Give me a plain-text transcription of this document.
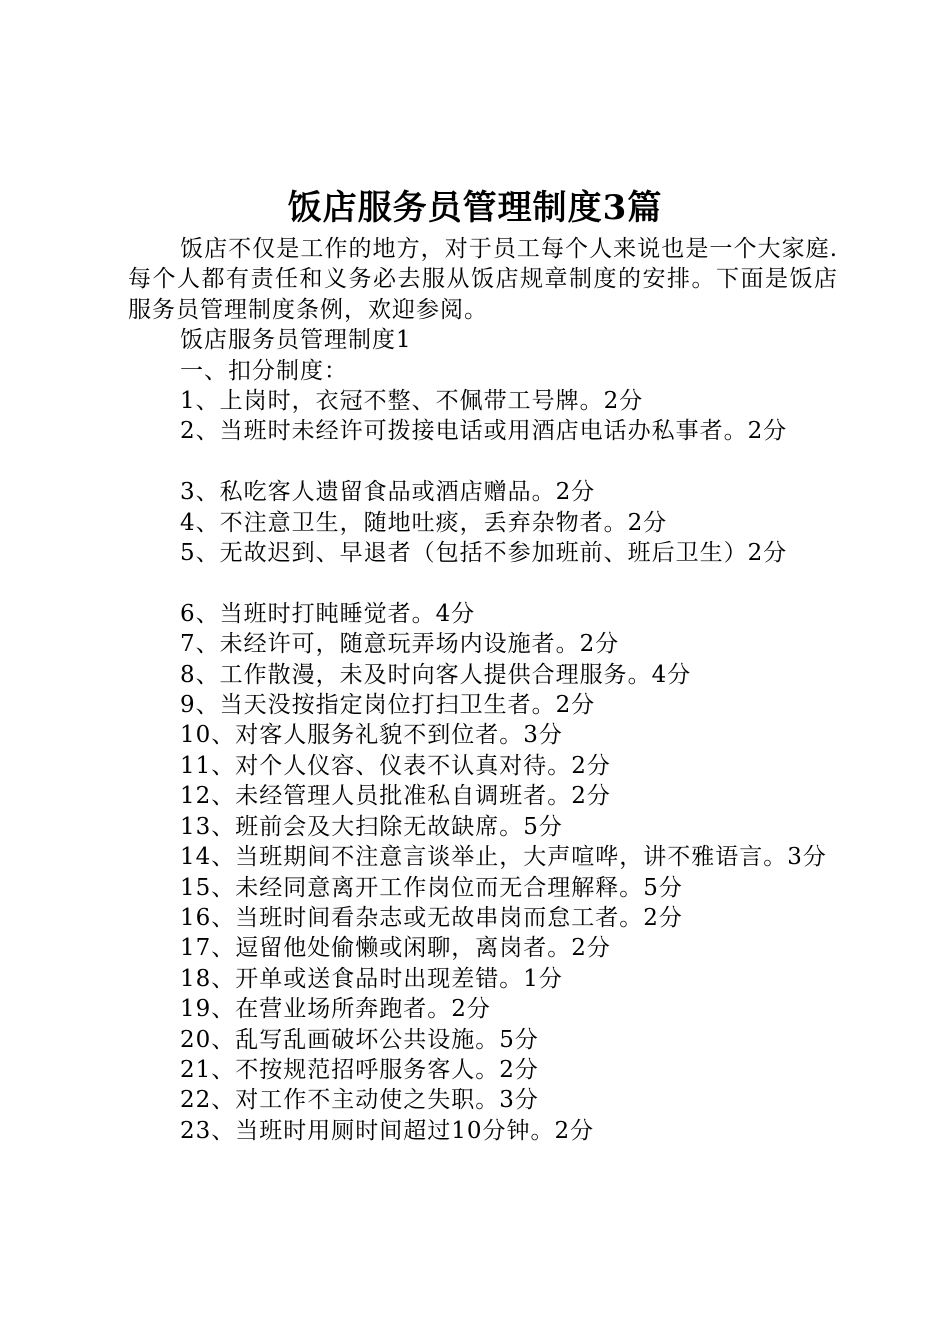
饭店服务员管理制度3篇

饭店不仅是工作的地方，对于员工每个人来说也是一个大家庭.每个人都有责任和义务必去服从饭店规章制度的安排。下面是饭店服务员管理制度条例，欢迎参阅。

饭店服务员管理制度1

一、扣分制度：

1、上岗时，衣冠不整、不佩带工号牌。2分

2、当班时未经许可拨接电话或用酒店电话办私事者。2分

3、私吃客人遗留食品或酒店赠品。2分

4、不注意卫生，随地吐痰，丢弃杂物者。2分

5、无故迟到、早退者（包括不参加班前、班后卫生）2分

6、当班时打盹睡觉者。4分

7、未经许可，随意玩弄场内设施者。2分

8、工作散漫，未及时向客人提供合理服务。4分

9、当天没按指定岗位打扫卫生者。2分

10、对客人服务礼貌不到位者。3分

11、对个人仪容、仪表不认真对待。2分

12、未经管理人员批准私自调班者。2分

13、班前会及大扫除无故缺席。5分

14、当班期间不注意言谈举止，大声喧哗，讲不雅语言。3分

15、未经同意离开工作岗位而无合理解释。5分

16、当班时间看杂志或无故串岗而怠工者。2分

17、逗留他处偷懒或闲聊，离岗者。2分

18、开单或送食品时出现差错。1分

19、在营业场所奔跑者。2分

20、乱写乱画破坏公共设施。5分

21、不按规范招呼服务客人。2分

22、对工作不主动使之失职。3分

23、当班时用厕时间超过10分钟。2分
